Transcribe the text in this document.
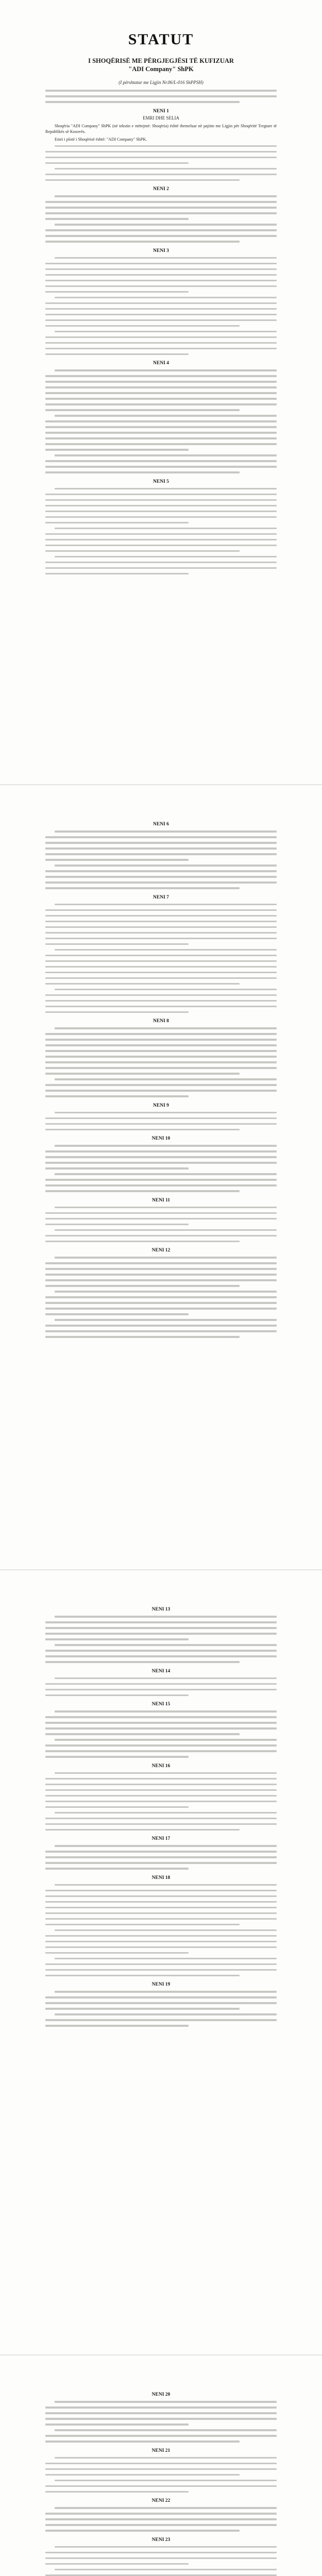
STATUT

I SHOQËRISË ME PËRGJEGJËSI TË KUFIZUAR

"ADI Company" ShPK

(I përshtatur me Ligjin Nr.06/L-016 ShPPSH)

NENI 1

EMRI DHE SELIA

Shoqëria "ADI Company" ShPK (në tekstin e mëtejmë: Shoqëria) është themeluar në pajtim me Ligjin për Shoqëritë Tregtare të Republikës së Kosovës.

Emri i plotë i Shoqërisë është: "ADI Company" ShPK.

NENI 2

NENI 3

NENI 4

NENI 5

NENI 6

NENI 7

NENI 8

NENI 9

NENI 10

NENI 11

NENI 12

NENI 13

NENI 14

NENI 15

NENI 16

NENI 17

NENI 18

NENI 19

NENI 20

NENI 21

NENI 22

NENI 23
